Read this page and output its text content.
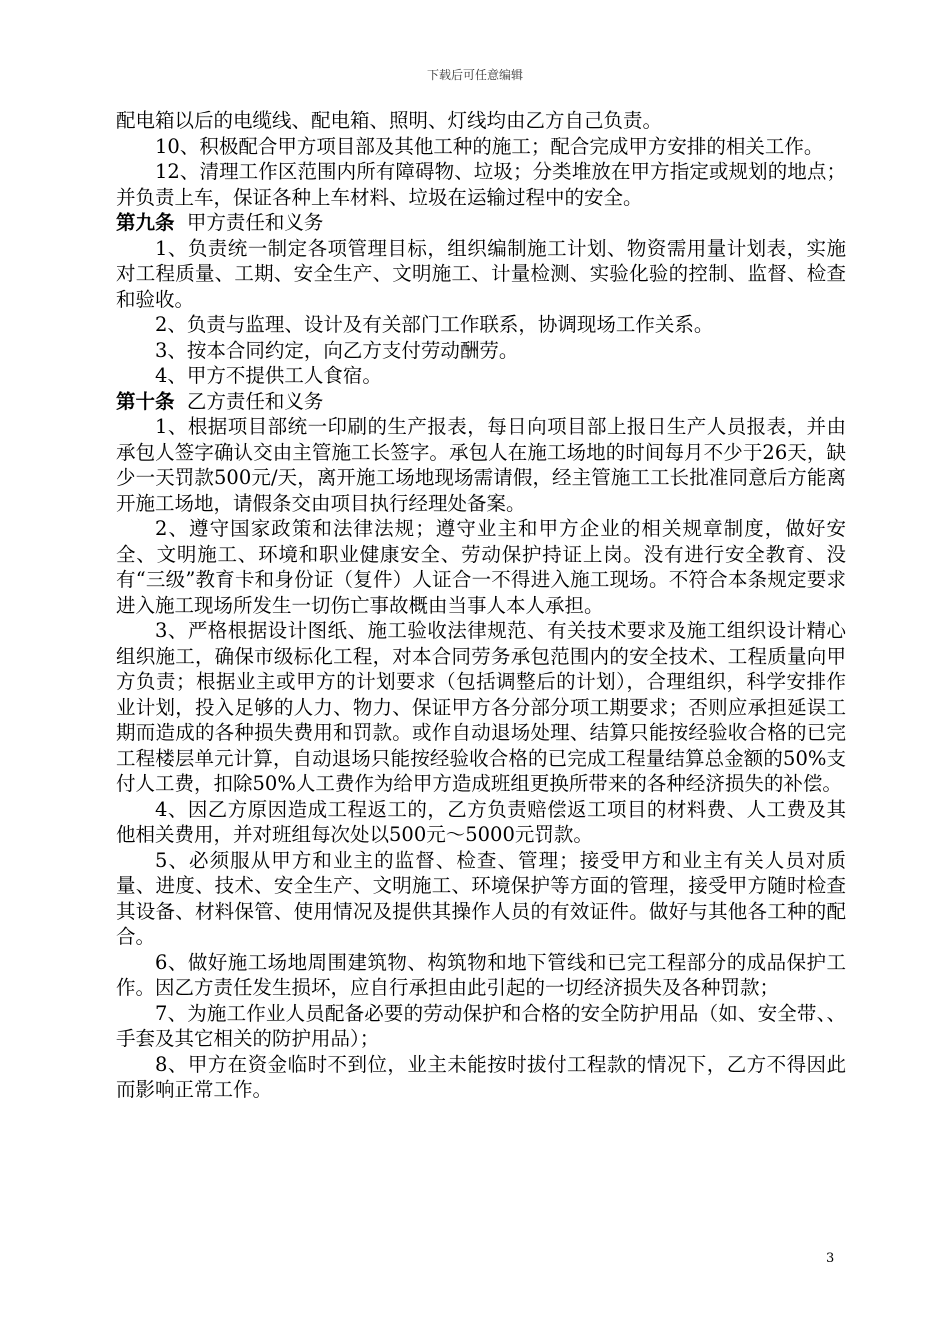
下载后可任意编辑

配电箱以后的电缆线、配电箱、照明、灯线均由乙方自己负责。

10、积极配合甲方项目部及其他工种的施工；配合完成甲方安排的相关工作。

12、清理工作区范围内所有障碍物、垃圾；分类堆放在甲方指定或规划的地点；并负责上车，保证各种上车材料、垃圾在运输过程中的安全。

第九条 甲方责任和义务

1、负责统一制定各项管理目标，组织编制施工计划、物资需用量计划表，实施对工程质量、工期、安全生产、文明施工、计量检测、实验化验的控制、监督、检查和验收。

2、负责与监理、设计及有关部门工作联系，协调现场工作关系。

3、按本合同约定，向乙方支付劳动酬劳。

4、甲方不提供工人食宿。

第十条 乙方责任和义务

1、根据项目部统一印刷的生产报表，每日向项目部上报日生产人员报表，并由承包人签字确认交由主管施工长签字。承包人在施工场地的时间每月不少于26天，缺少一天罚款500元/天，离开施工场地现场需请假，经主管施工工长批准同意后方能离开施工场地，请假条交由项目执行经理处备案。

2、遵守国家政策和法律法规；遵守业主和甲方企业的相关规章制度，做好安全、文明施工、环境和职业健康安全、劳动保护持证上岗。没有进行安全教育、没有“三级”教育卡和身份证（复件）人证合一不得进入施工现场。不符合本条规定要求进入施工现场所发生一切伤亡事故概由当事人本人承担。

3、严格根据设计图纸、施工验收法律规范、有关技术要求及施工组织设计精心组织施工，确保市级标化工程，对本合同劳务承包范围内的安全技术、工程质量向甲方负责；根据业主或甲方的计划要求（包括调整后的计划），合理组织，科学安排作业计划，投入足够的人力、物力、保证甲方各分部分项工期要求；否则应承担延误工期而造成的各种损失费用和罚款。或作自动退场处理、结算只能按经验收合格的已完工程楼层单元计算，自动退场只能按经验收合格的已完成工程量结算总金额的50%支付人工费，扣除50%人工费作为给甲方造成班组更换所带来的各种经济损失的补偿。

4、因乙方原因造成工程返工的，乙方负责赔偿返工项目的材料费、人工费及其他相关费用，并对班组每次处以500元～5000元罚款。

5、必须服从甲方和业主的监督、检查、管理；接受甲方和业主有关人员对质量、进度、技术、安全生产、文明施工、环境保护等方面的管理，接受甲方随时检查其设备、材料保管、使用情况及提供其操作人员的有效证件。做好与其他各工种的配合。

6、做好施工场地周围建筑物、构筑物和地下管线和已完工程部分的成品保护工作。因乙方责任发生损坏，应自行承担由此引起的一切经济损失及各种罚款；

7、为施工作业人员配备必要的劳动保护和合格的安全防护用品（如、安全带、、手套及其它相关的防护用品）；

8、甲方在资金临时不到位，业主未能按时拔付工程款的情况下，乙方不得因此而影响正常工作。

3
